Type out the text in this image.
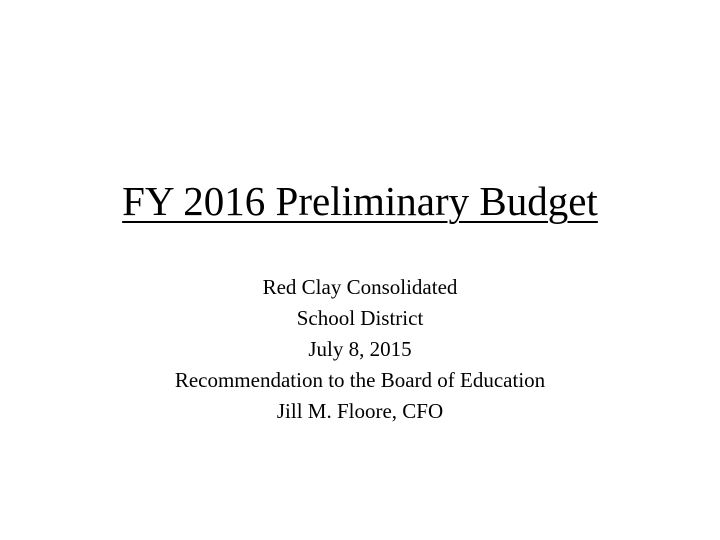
FY 2016 Preliminary Budget
Red Clay Consolidated
School District
July 8, 2015
Recommendation to the Board of Education
Jill M. Floore, CFO
